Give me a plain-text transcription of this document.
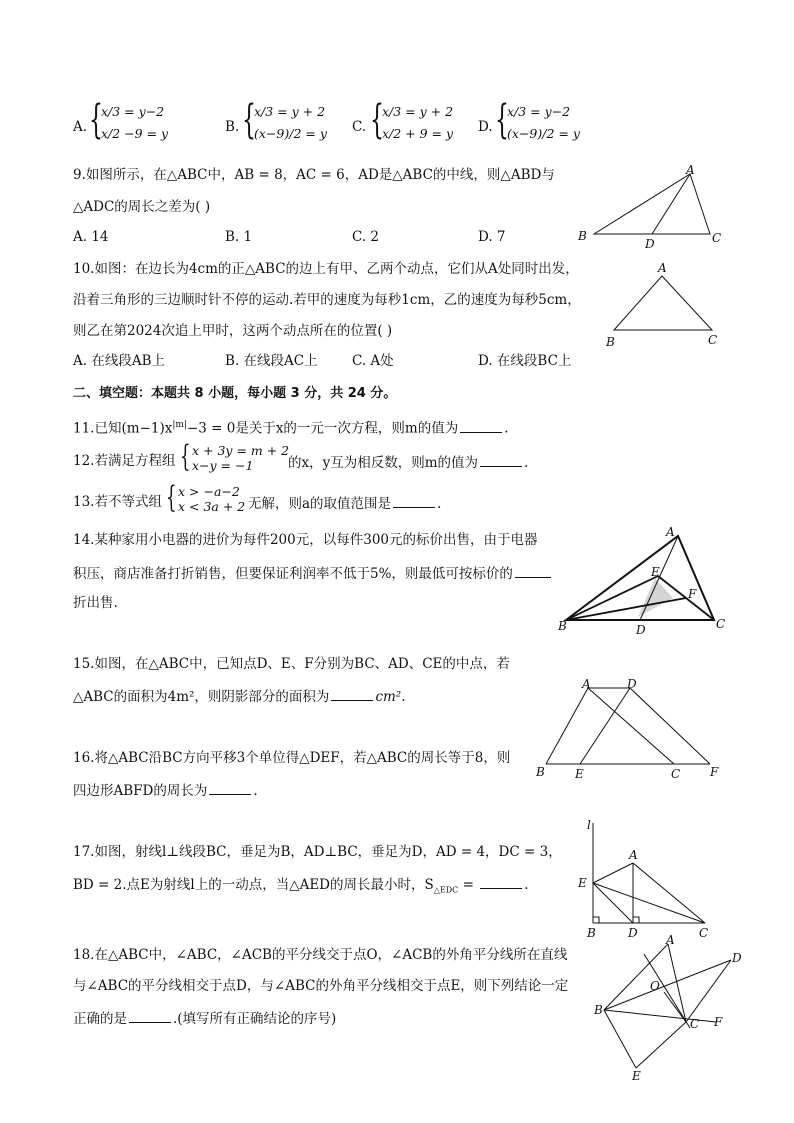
A. {
x/3 = y−2
x/2 −9 = y	B. {
x/3 = y + 2
(x−9)/2 = y C. {
x/3 = y + 2
x/2 + 9 = y D. {
x/3 = y−2
(x−9)/2 = y
9.如图所示，在△ABC中，AB = 8，AC = 6，AD是△ABC的中线，则△ABD与
△ADC的周长之差为( )
A. 14	B. 1	C. 2	D. 7
A
B	C
D
10.如图：在边长为4cm的正△ABC的边上有甲、乙两个动点，它们从A处同时出发，
沿着三角形的三边顺时针不停的运动.若甲的速度为每秒1cm，乙的速度为每秒5cm，
则乙在第2024次追上甲时，这两个动点所在的位置( )
A. 在线段AB上	B. 在线段AC上	C. A处	D. 在线段BC上
A
B	C
二、填空题：本题共 8 小题，每小题 3 分，共 24 分。
11.已知$(m-1)x^{|m|}-3 = 0$是关于x的一元一次方程，则m的值为	.
12.若满足方程组 { x + 3y = m + 2
x−y = −1	的x，y互为相反数，则m的值为	.
13.若不等式组 { x > −a−2
x < 3a + 2 无解，则a的取值范围是	.
14.某种家用小电器的进价为每件200元，以每件300元的标价出售，由于电器
积压，商店准备打折销售，但要保证利润率不低于5%，则最低可按标价的
折出售.
A
B	C
D
E
F
15.如图，在△ABC中，已知点D、E、F分别为BC、AD、CE的中点，若
△ABC的面积为4m²，则阴影部分的面积为	cm².
A	D
B	E	C F
16.将△ABC沿BC方向平移3个单位得△DEF，若△ABC的周长等于8，则
四边形ABFD的周长为	.
17.如图，射线l⊥线段BC，垂足为B，AD⊥BC，垂足为D，AD = 4，DC = 3，
BD = 2.点E为射线l上的一动点，当△AED的周长最小时，$S_{\triangle EDC}$ =	.
l
A
E
B	D	C
18.在△ABC中，∠ABC，∠ACB的平分线交于点O，∠ACB的外角平分线所在直线
与∠ABC的平分线相交于点D，与∠ABC的外角平分线相交于点E，则下列结论一定
正确的是	.(填写所有正确结论的序号)
A
B
C
D
E
F
O
